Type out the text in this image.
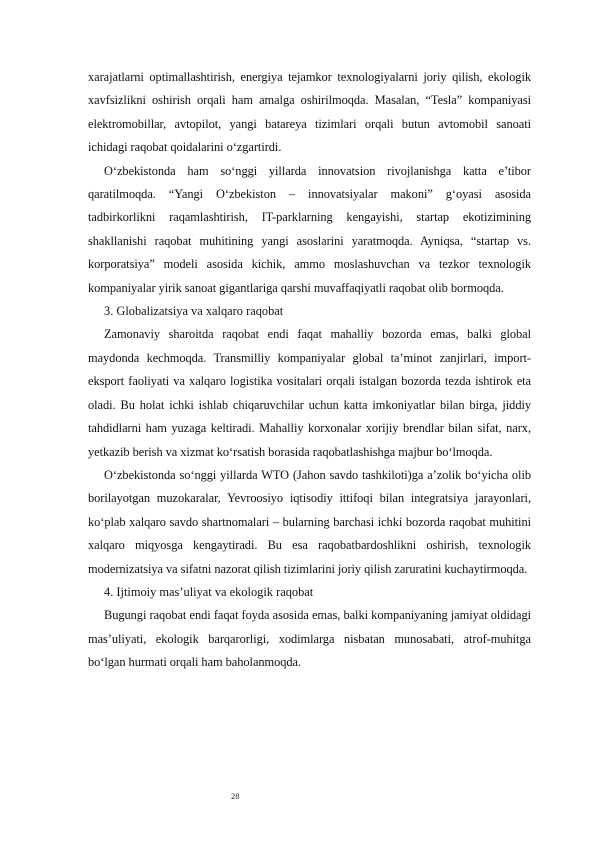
xarajatlarni optimallashtirish, energiya tejamkor texnologiyalarni joriy qilish, ekologik xavfsizlikni oshirish orqali ham amalga oshirilmoqda. Masalan, “Tesla” kompaniyasi elektromobillar, avtopilot, yangi batareya tizimlari orqali butun avtomobil sanoati ichidagi raqobat qoidalarini o‘zgartirdi.

O‘zbekistonda ham so‘nggi yillarda innovatsion rivojlanishga katta e’tibor qaratilmoqda. “Yangi O‘zbekiston – innovatsiyalar makoni” g‘oyasi asosida tadbirkorlikni raqamlashtirish, IT-parklarning kengayishi, startap ekotizimining shakllanishi raqobat muhitining yangi asoslarini yaratmoqda. Ayniqsa, “startap vs. korporatsiya” modeli asosida kichik, ammo moslashuvchan va tezkor texnologik kompaniyalar yirik sanoat gigantlariga qarshi muvaffaqiyatli raqobat olib bormoqda.

3. Globalizatsiya va xalqaro raqobat

Zamonaviy sharoitda raqobat endi faqat mahalliy bozorda emas, balki global maydonda kechmoqda. Transmilliy kompaniyalar global ta’minot zanjirlari, import-eksport faoliyati va xalqaro logistika vositalari orqali istalgan bozorda tezda ishtirok eta oladi. Bu holat ichki ishlab chiqaruvchilar uchun katta imkoniyatlar bilan birga, jiddiy tahdidlarni ham yuzaga keltiradi. Mahalliy korxonalar xorijiy brendlar bilan sifat, narx, yetkazib berish va xizmat ko‘rsatish borasida raqobatlashishga majbur bo‘lmoqda.

O‘zbekistonda so‘nggi yillarda WTO (Jahon savdo tashkiloti)ga a’zolik bo‘yicha olib borilayotgan muzokaralar, Yevroosiyo iqtisodiy ittifoqi bilan integratsiya jarayonlari, ko‘plab xalqaro savdo shartnomalari – bularning barchasi ichki bozorda raqobat muhitini xalqaro miqyosga kengaytiradi. Bu esa raqobatbardoshlikni oshirish, texnologik modernizatsiya va sifatni nazorat qilish tizimlarini joriy qilish zaruratini kuchaytirmoqda.

4. Ijtimoiy mas’uliyat va ekologik raqobat

Bugungi raqobat endi faqat foyda asosida emas, balki kompaniyaning jamiyat oldidagi mas’uliyati, ekologik barqarorligi, xodimlarga nisbatan munosabati, atrof-muhitga bo‘lgan hurmati orqali ham baholanmoqda.

28
